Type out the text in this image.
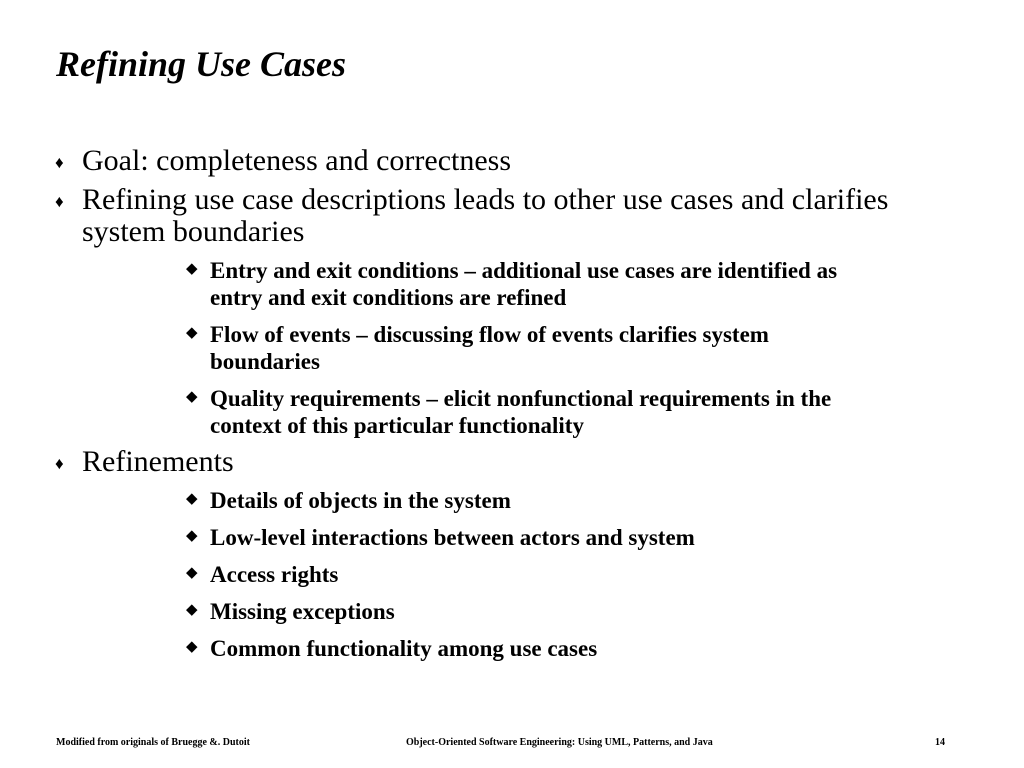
Refining Use Cases
♦ Goal: completeness and correctness
♦ Refining use case descriptions leads to other use cases and clarifies system boundaries
◆ Entry and exit conditions – additional use cases are identified as entry and exit conditions are refined
◆ Flow of events – discussing flow of events clarifies system boundaries
◆ Quality requirements – elicit nonfunctional requirements in the context of this particular functionality
♦ Refinements
◆ Details of objects in the system
◆ Low-level interactions between actors and system
◆ Access rights
◆ Missing exceptions
◆ Common functionality among use cases
Modified from originals of Bruegge &. Dutoit	Object-Oriented Software Engineering: Using UML, Patterns, and Java	14
